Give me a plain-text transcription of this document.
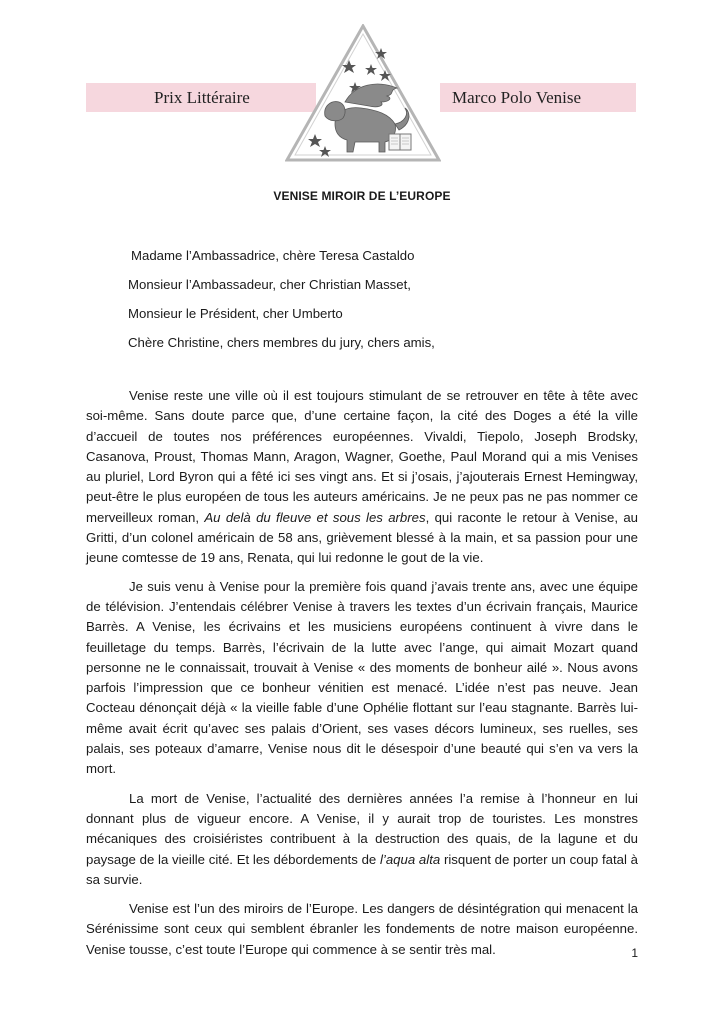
Prix Littéraire	Marco Polo Venise
VENISE MIROIR DE L’EUROPE
Madame l’Ambassadrice, chère Teresa Castaldo
Monsieur l’Ambassadeur, cher Christian Masset,
Monsieur le Président, cher Umberto
Chère Christine, chers membres du jury, chers amis,

Venise reste une ville où il est toujours stimulant de se retrouver en tête à tête avec soi-même. Sans doute parce que, d’une certaine façon, la cité des Doges a été la ville d’accueil de toutes nos préférences européennes. Vivaldi, Tiepolo, Joseph Brodsky, Casanova, Proust, Thomas Mann, Aragon, Wagner, Goethe, Paul Morand qui a mis Venises au pluriel, Lord Byron qui a fêté ici ses vingt ans. Et si j’osais, j’ajouterais Ernest Hemingway, peut-être le plus européen de tous les auteurs américains. Je ne peux pas ne pas nommer ce merveilleux roman, Au delà du fleuve et sous les arbres, qui raconte le retour à Venise, au Gritti, d’un colonel américain de 58 ans, grièvement blessé à la main, et sa passion pour une jeune comtesse de 19 ans, Renata, qui lui redonne le gout de la vie.

Je suis venu à Venise pour la première fois quand j’avais trente ans, avec une équipe de télévision. J’entendais célébrer Venise à travers les textes d’un écrivain français, Maurice Barrès. A Venise, les écrivains et les musiciens européens continuent à vivre dans le feuilletage du temps. Barrès, l’écrivain de la lutte avec l’ange, qui aimait Mozart quand personne ne le connaissait, trouvait à Venise « des moments de bonheur ailé ». Nous avons parfois l’impression que ce bonheur vénitien est menacé. L’idée n’est pas neuve. Jean Cocteau dénonçait déjà « la vieille fable d’une Ophélie flottant sur l’eau stagnante. Barrès lui-même avait écrit qu’avec ses palais d’Orient, ses vases décors lumineux, ses ruelles, ses palais, ses poteaux d’amarre, Venise nous dit le désespoir d’une beauté qui s’en va vers la mort.

La mort de Venise, l’actualité des dernières années l’a remise à l’honneur en lui donnant plus de vigueur encore. A Venise, il y aurait trop de touristes. Les monstres mécaniques des croisiéristes contribuent à la destruction des quais, de la lagune et du paysage de la vieille cité. Et les débordements de l’aqua alta risquent de porter un coup fatal à sa survie.

Venise est l’un des miroirs de l’Europe. Les dangers de désintégration qui menacent la Sérénissime sont ceux qui semblent ébranler les fondements de notre maison européenne. Venise tousse, c’est toute l’Europe qui commence à se sentir très mal.	1
